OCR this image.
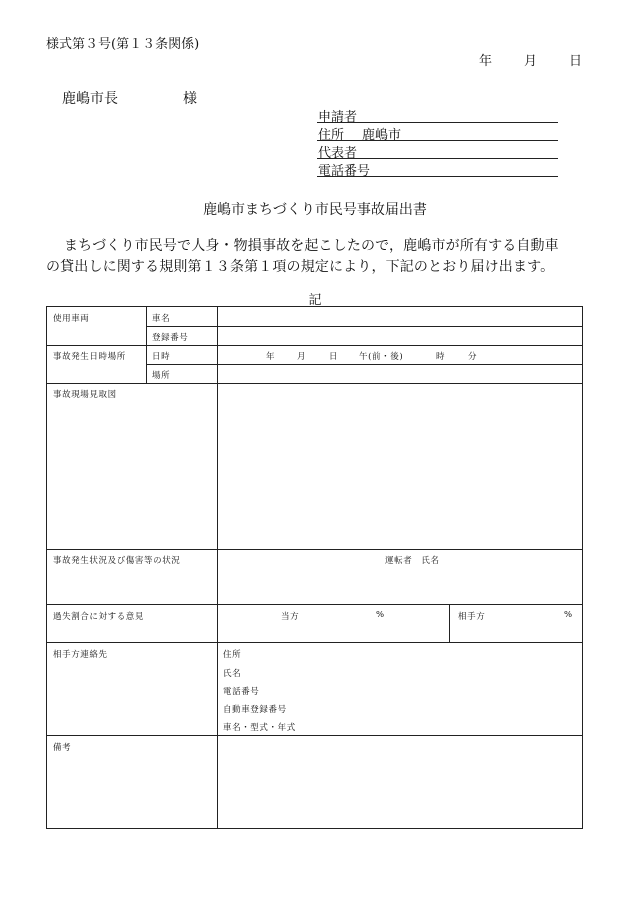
様式第３号(第１３条関係)
年 月 日
鹿嶋市長	様
申請者
住所 鹿嶋市
代表者
電話番号
鹿嶋市まちづくり市民号事故届出書
まちづくり市民号で人身・物損事故を起こしたので，鹿嶋市が所有する自動車
の貸出しに関する規則第１３条第１項の規定により，下記のとおり届け出ます。
記
使用車両	車名
登録番号
事故発生日時場所	日時	年	月	日 午(前・後)	時	分
場所
事故現場見取図
事故発生状況及び傷害等の状況	運転者　氏名
過失割合に対する意見	当方	%	相手方	%
相手方連絡先	住所
氏名
電話番号
自動車登録番号
車名・型式・年式
備考
